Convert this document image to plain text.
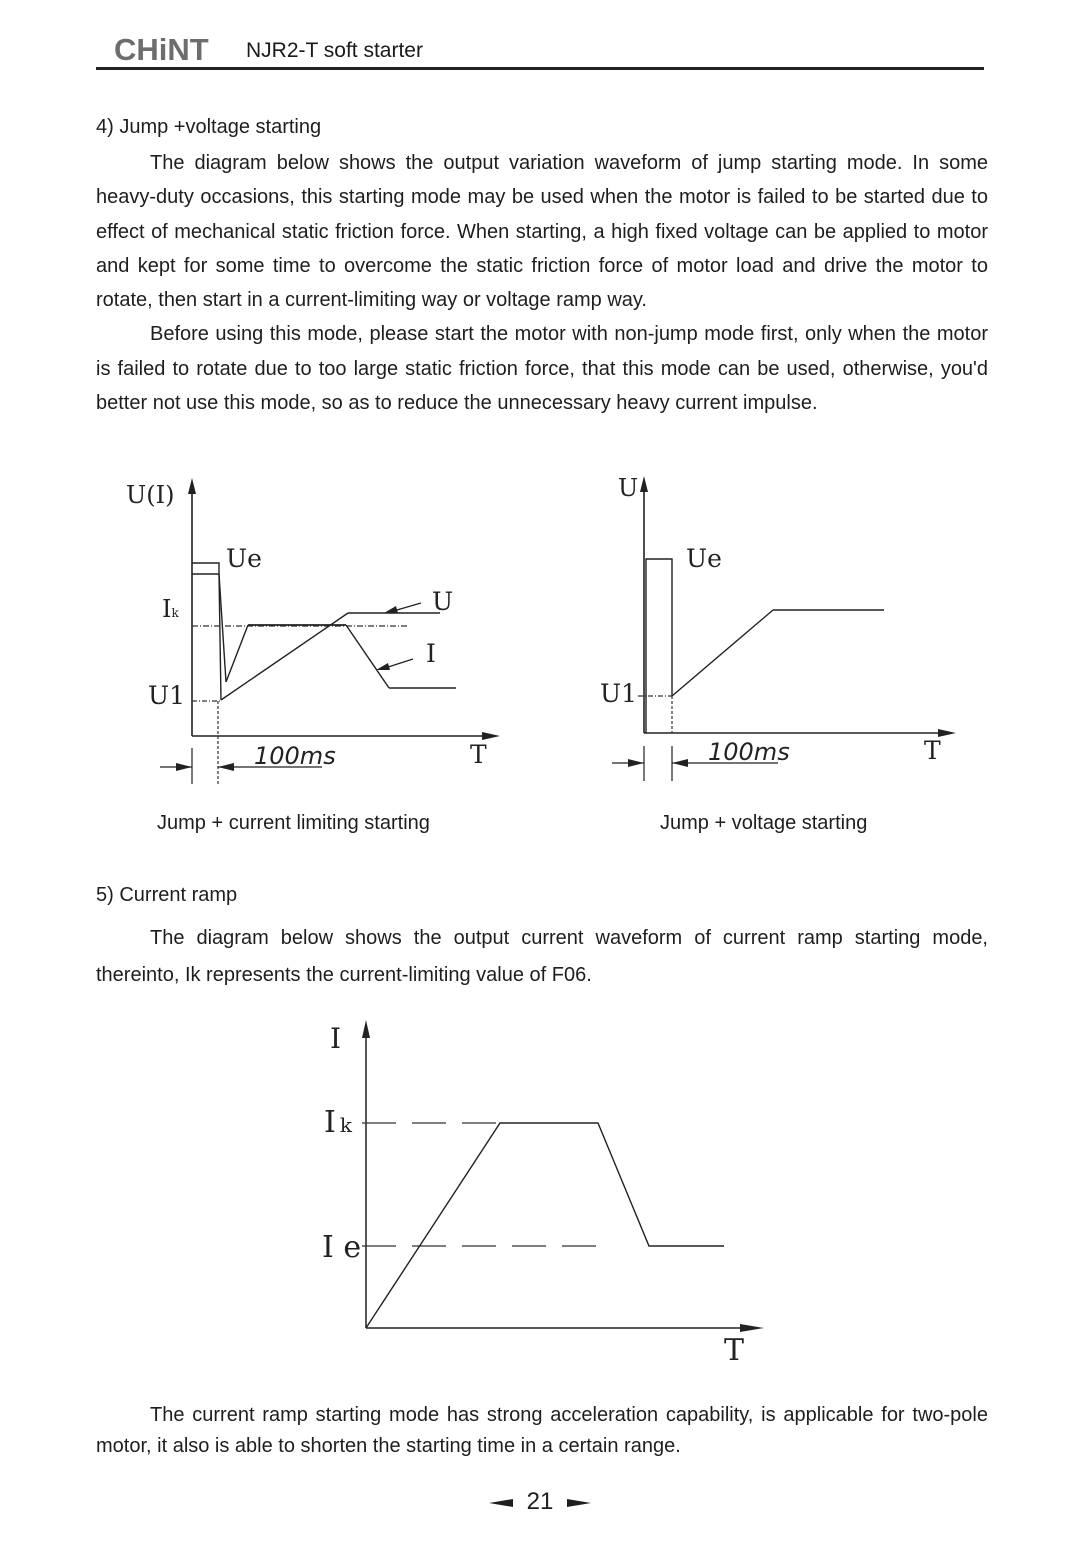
CHiNT NJR2-T soft starter
4) Jump +voltage starting

The diagram below shows the output variation waveform of jump starting mode. In some heavy-duty occasions, this starting mode may be used when the motor is failed to be started due to effect of mechanical static friction force. When starting, a high fixed voltage can be applied to motor and kept for some time to overcome the static friction force of motor load and drive the motor to rotate, then start in a current-limiting way or voltage ramp way.

Before using this mode, please start the motor with non-jump mode first, only when the motor is failed to rotate due to too large static friction force, that this mode can be used, otherwise, you'd better not use this mode, so as to reduce the unnecessary heavy current impulse.

U(I)
Ue
Ik
U1
U
I
T
100ms
Jump + current limiting starting
U
Ue
U1
T
100ms
Jump + voltage starting
5) Current ramp

The diagram below shows the output current waveform of current ramp starting mode, thereinto, Ik represents the current-limiting value of F06.

I
Ik
I e
T

The current ramp starting mode has strong acceleration capability, is applicable for two-pole motor, it also is able to shorten the starting time in a certain range.

21
